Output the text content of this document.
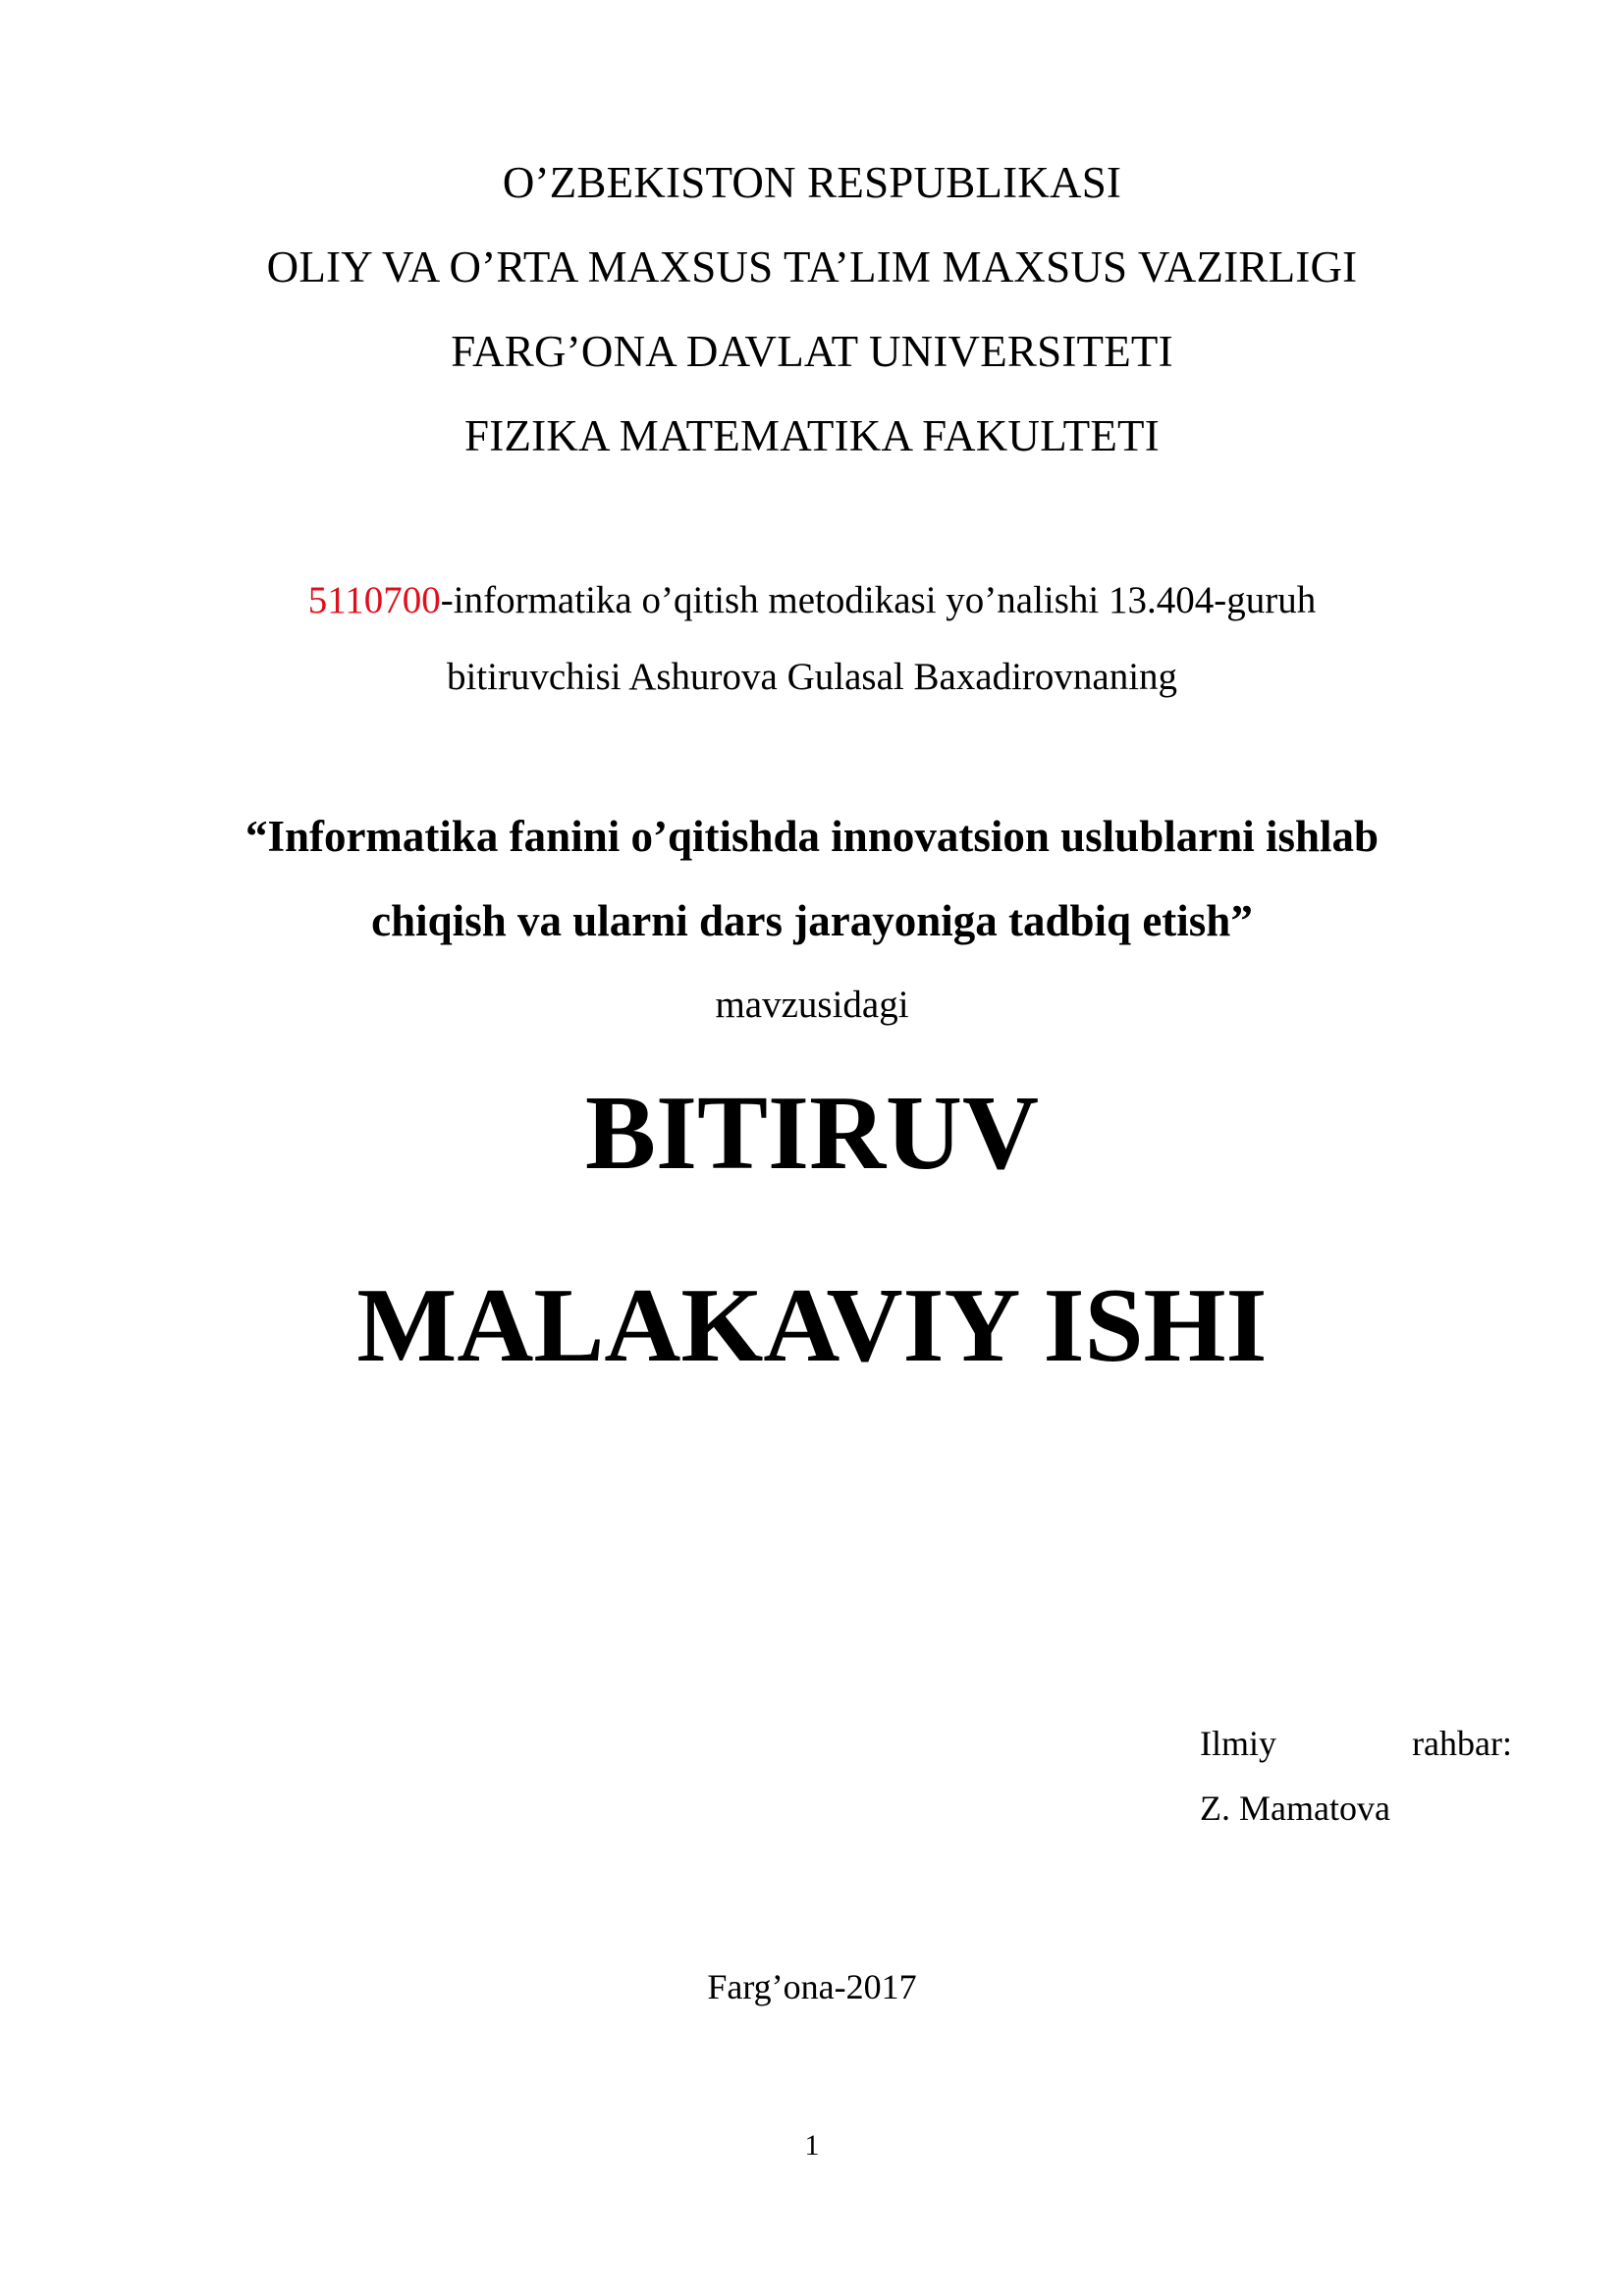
O’ZBEKISTON RESPUBLIKASI
OLIY VA O’RTA MAXSUS TA’LIM MAXSUS VAZIRLIGI
FARG’ONA DAVLAT UNIVERSITETI
FIZIKA MATEMATIKA FAKULTETI
5110700-informatika o’qitish metodikasi yo’nalishi 13.404-guruh
bitiruvchisi Ashurova Gulasal Baxadirovnaning
“Informatika fanini o’qitishda innovatsion uslublarni ishlab
chiqish va ularni dars jarayoniga tadbiq etish”
mavzusidagi
BITIRUV
MALAKAVIY ISHI
Ilmiy	rahbar:
Z. Mamatova
Farg’ona-2017
1
